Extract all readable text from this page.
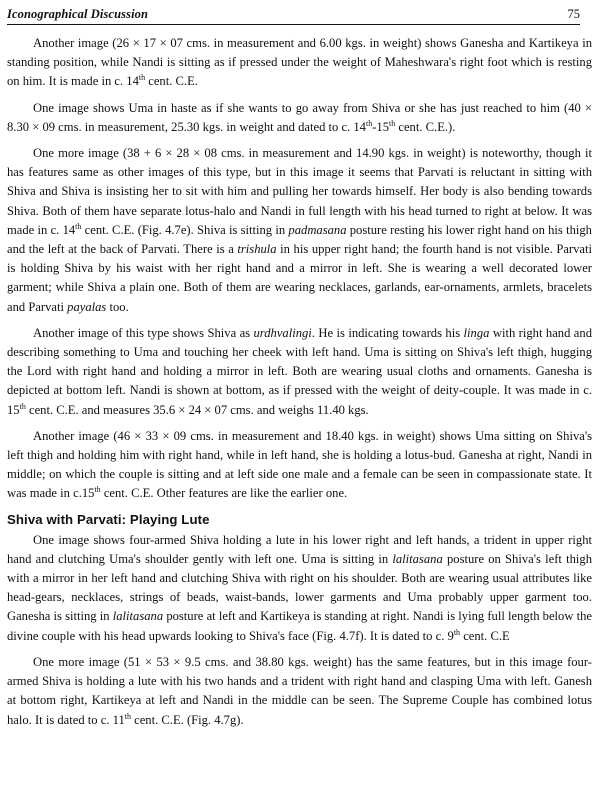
Iconographical Discussion	75

Another image (26 × 17 × 07 cms. in measurement and 6.00 kgs. in weight) shows Ganesha and Kartikeya in standing position, while Nandi is sitting as if pressed under the weight of Maheshwara's right foot which is resting on him. It is made in c. 14th cent. C.E.

One image shows Uma in haste as if she wants to go away from Shiva or she has just reached to him (40 × 8.30 × 09 cms. in measurement, 25.30 kgs. in weight and dated to c. 14th-15th cent. C.E.).

One more image (38 + 6 × 28 × 08 cms. in measurement and 14.90 kgs. in weight) is noteworthy, though it has features same as other images of this type, but in this image it seems that Parvati is reluctant in sitting with Shiva and Shiva is insisting her to sit with him and pulling her towards himself. Her body is also bending towards Shiva. Both of them have separate lotus-halo and Nandi in full length with his head turned to right at below. It was made in c. 14th cent. C.E. (Fig. 4.7e). Shiva is sitting in padmasana posture resting his lower right hand on his thigh and the left at the back of Parvati. There is a trishula in his upper right hand; the fourth hand is not visible. Parvati is holding Shiva by his waist with her right hand and a mirror in left. She is wearing a well decorated lower garment; while Shiva a plain one. Both of them are wearing necklaces, garlands, ear-ornaments, armlets, bracelets and Parvati payalas too.

Another image of this type shows Shiva as urdhvalingi. He is indicating towards his linga with right hand and describing something to Uma and touching her cheek with left hand. Uma is sitting on Shiva's left thigh, hugging the Lord with right hand and holding a mirror in left. Both are wearing usual cloths and ornaments. Ganesha is depicted at bottom left. Nandi is shown at bottom, as if pressed with the weight of deity-couple. It was made in c. 15th cent. C.E. and measures 35.6 × 24 × 07 cms. and weighs 11.40 kgs.

Another image (46 × 33 × 09 cms. in measurement and 18.40 kgs. in weight) shows Uma sitting on Shiva's left thigh and holding him with right hand, while in left hand, she is holding a lotus-bud. Ganesha at right, Nandi in middle; on which the couple is sitting and at left side one male and a female can be seen in compassionate state. It was made in c.15th cent. C.E. Other features are like the earlier one.

Shiva with Parvati: Playing Lute

One image shows four-armed Shiva holding a lute in his lower right and left hands, a trident in upper right hand and clutching Uma's shoulder gently with left one. Uma is sitting in lalitasana posture on Shiva's left thigh with a mirror in her left hand and clutching Shiva with right on his shoulder. Both are wearing usual attributes like head-gears, necklaces, strings of beads, waist-bands, lower garments and Uma probably upper garment too. Ganesha is sitting in lalitasana posture at left and Kartikeya is standing at right. Nandi is lying full length below the divine couple with his head upwards looking to Shiva's face (Fig. 4.7f). It is dated to c. 9th cent. C.E

One more image (51 × 53 × 9.5 cms. and 38.80 kgs. weight) has the same features, but in this image four-armed Shiva is holding a lute with his two hands and a trident with right hand and clasping Uma with left. Ganesh at bottom right, Kartikeya at left and Nandi in the middle can be seen. The Supreme Couple has combined lotus halo. It is dated to c. 11th cent. C.E. (Fig. 4.7g).
